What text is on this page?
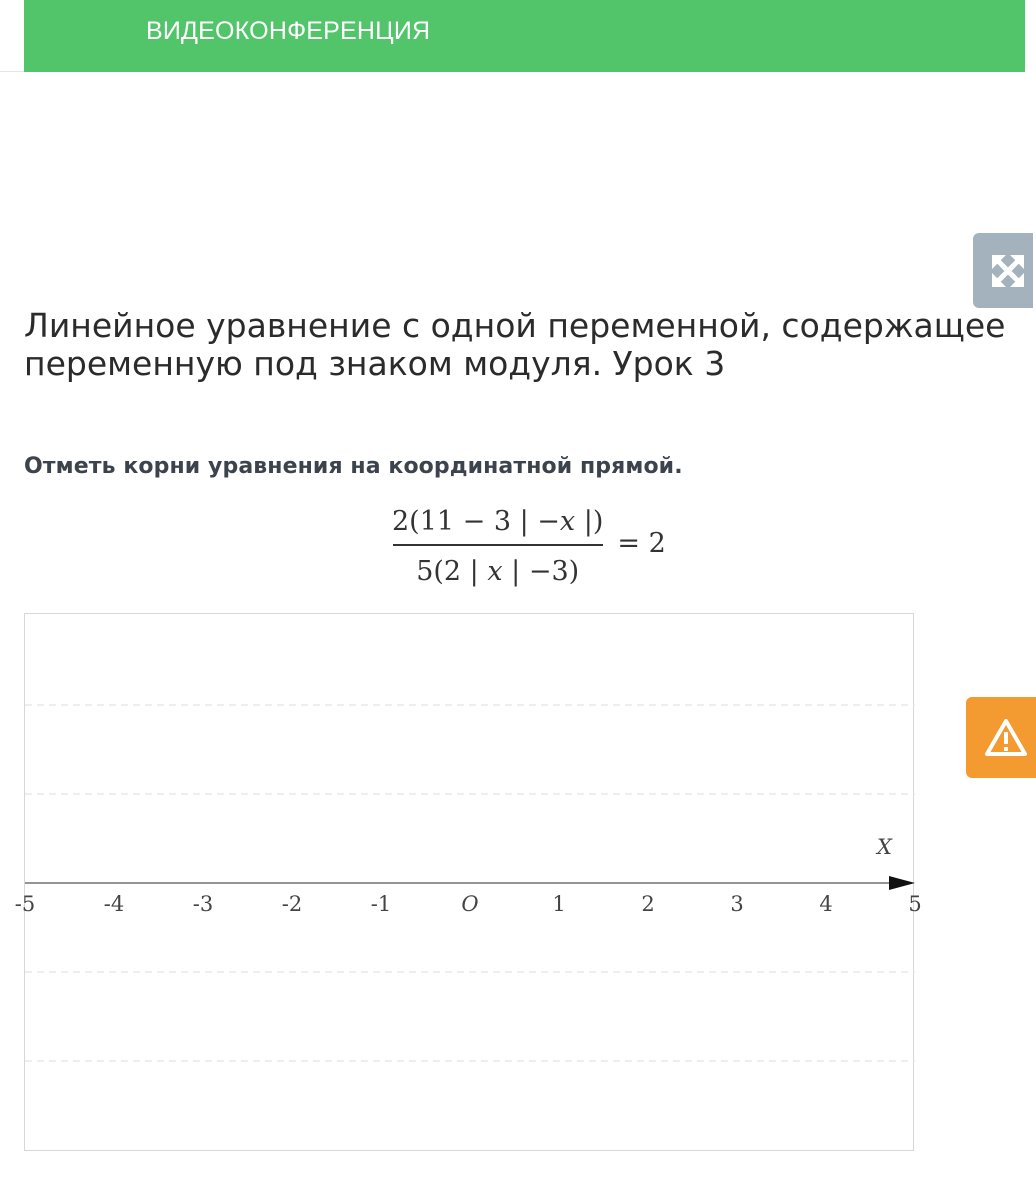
ВИДЕОКОНФЕРЕНЦИЯ
Линейное уравнение с одной переменной, содержащее переменную под знаком модуля. Урок 3
Отметь корни уравнения на координатной прямой.
$\frac{2(11 - 3 | -x |)}{5(2 | x | -3)} = 2$
X
-5	-4	-3	-2	-1	O	1	2	3	4	5
